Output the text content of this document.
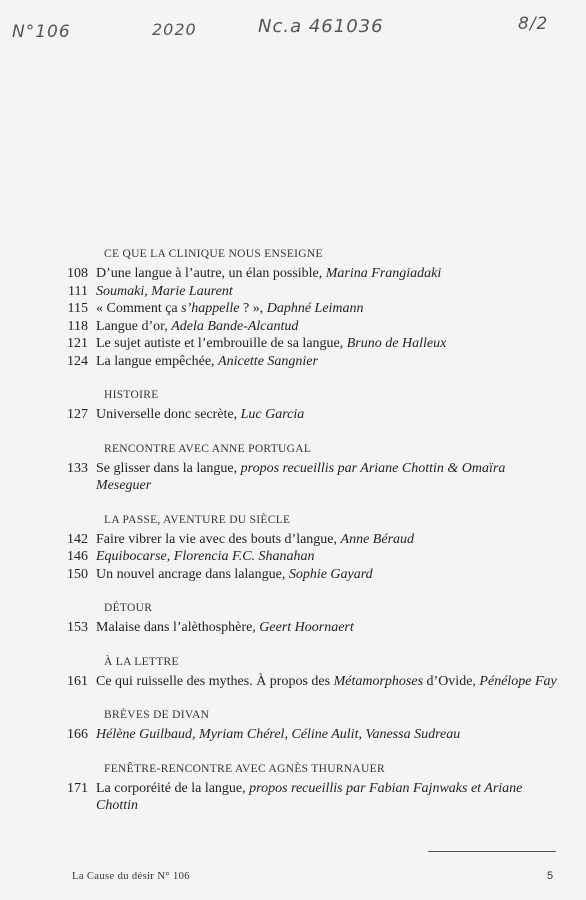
N°106	2020	Nc.a 461036	8/2
CE QUE LA CLINIQUE NOUS ENSEIGNE
108 D’une langue à l’autre, un élan possible, Marina Frangiadaki
111 Soumaki, Marie Laurent
115 « Comment ça s’happelle ? », Daphné Leimann
118 Langue d’or, Adela Bande-Alcantud
121 Le sujet autiste et l’embrouille de sa langue, Bruno de Halleux
124 La langue empêchée, Anicette Sangnier
HISTOIRE
127 Universelle donc secrète, Luc Garcia
RENCONTRE AVEC ANNE PORTUGAL
133 Se glisser dans la langue, propos recueillis par Ariane Chottin & Omaïra Meseguer
LA PASSE, AVENTURE DU SIÈCLE
142 Faire vibrer la vie avec des bouts d’langue, Anne Béraud
146 Equibocarse, Florencia F.C. Shanahan
150 Un nouvel ancrage dans lalangue, Sophie Gayard
DÉTOUR
153 Malaise dans l’alèthosphère, Geert Hoornaert
À LA LETTRE
161 Ce qui ruisselle des mythes. À propos des Métamorphoses d’Ovide, Pénélope Fay
BRÈVES DE DIVAN
166 Hélène Guilbaud, Myriam Chérel, Céline Aulit, Vanessa Sudreau
FENÊTRE-RENCONTRE AVEC AGNÈS THURNAUER
171 La corporéité de la langue, propos recueillis par Fabian Fajnwaks et Ariane Chottin
La Cause du désir N° 106	5
